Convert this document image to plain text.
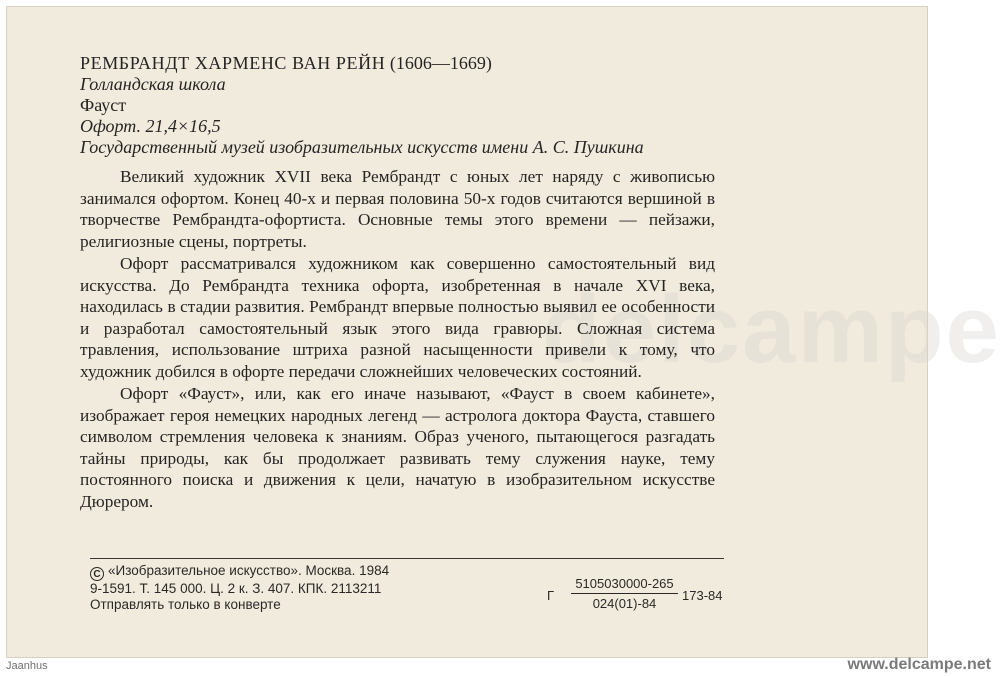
delcampe
РЕМБРАНДТ ХАРМЕНС ВАН РЕЙН (1606—1669)
Голландская школа
Фауст
Офорт. 21,4×16,5
Государственный музей изобразительных искусств имени А. С. Пушкина

Великий художник XVII века Рембрандт с юных лет наряду с живописью занимался офортом. Конец 40-х и первая половина 50-х годов считаются вершиной в творчестве Рембрандта-офортиста. Основные темы этого времени — пейзажи, религиозные сцены, портреты.

Офорт рассматривался художником как совершенно самостоятельный вид искусства. До Рембрандта техника офорта, изобретенная в начале XVI века, находилась в стадии развития. Рембрандт впервые полностью выявил ее особенности и разработал самостоятельный язык этого вида гравюры. Сложная система травления, использование штриха разной насыщенности привели к тому, что художник добился в офорте передачи сложнейших человеческих состояний.

Офорт «Фауст», или, как его иначе называют, «Фауст в своем кабинете», изображает героя немецких народных легенд — астролога доктора Фауста, ставшего символом стремления человека к знаниям. Образ ученого, пытающегося разгадать тайны природы, как бы продолжает развивать тему служения науке, тему постоянного поиска и движения к цели, начатую в изобразительном искусстве Дюрером.

C «Изобразительное искусство». Москва. 1984
9-1591. Т. 145 000. Ц. 2 к. З. 407. КПК. 2113211
Отправлять только в конверте
Г
5105030000-265
024(01)-84
173-84
Jaanhus	www.delcampe.net
